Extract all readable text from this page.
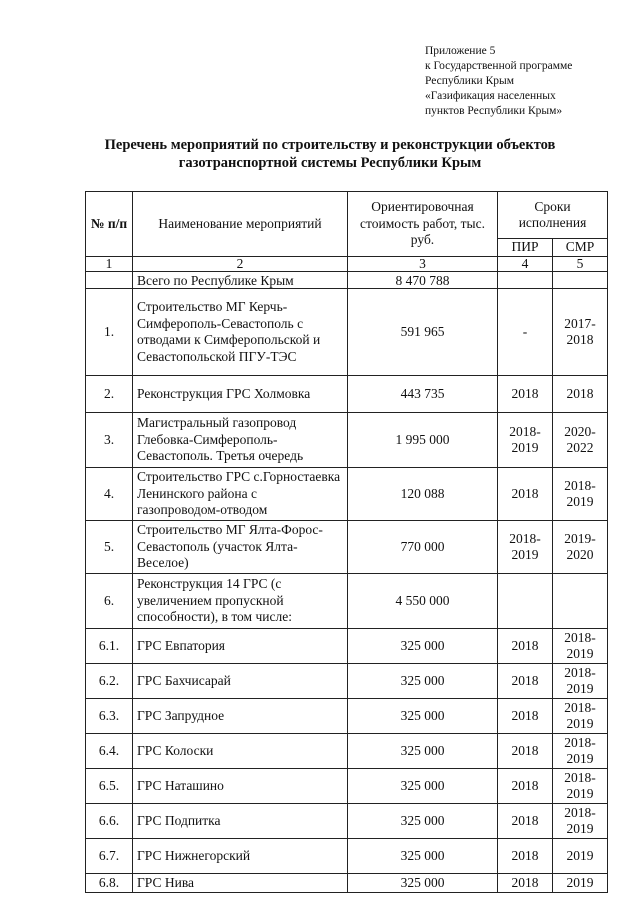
Приложение 5
к Государственной программе
Республики Крым
«Газификация населенных
пунктов Республики Крым»
Перечень мероприятий по строительству и реконструкции объектов
газотранспортной системы Республики Крым
№ п/п	Наименование мероприятий	Ориентировочная стоимость работ, тыс. руб.	Сроки исполнения	
			ПИР	СМР
1	2	3	4	5
	Всего по Республике Крым	8 470 788		
1.	Строительство МГ Керчь-Симферополь-Севастополь с отводами к Симферопольской и Севастопольской ПГУ-ТЭС	591 965	-	2017-2018
2.	Реконструкция ГРС Холмовка	443 735	2018	2018
3.	Магистральный газопровод Глебовка-Симферополь-Севастополь. Третья очередь	1 995 000	2018-2019	2020-2022
4.	Строительство ГРС с.Горностаевка Ленинского района с газопроводом-отводом	120 088	2018	2018-2019
5.	Строительство МГ Ялта-Форос-Севастополь (участок Ялта-Веселое)	770 000	2018-2019	2019-2020
6.	Реконструкция 14 ГРС (с увеличением пропускной способности), в том числе:	4 550 000		
6.1.	ГРС Евпатория	325 000	2018	2018-2019
6.2.	ГРС Бахчисарай	325 000	2018	2018-2019
6.3.	ГРС Запрудное	325 000	2018	2018-2019
6.4.	ГРС Колоски	325 000	2018	2018-2019
6.5.	ГРС Наташино	325 000	2018	2018-2019
6.6.	ГРС Подпитка	325 000	2018	2018-2019
6.7.	ГРС Нижнегорский	325 000	2018	2019
6.8.	ГРС Нива	325 000	2018	2019
